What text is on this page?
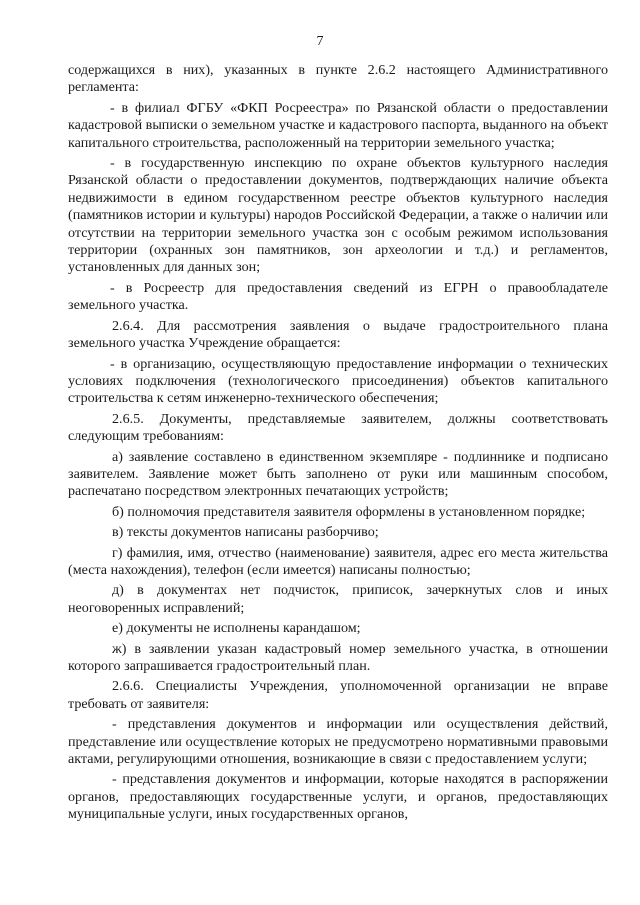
7

содержащихся в них), указанных в пункте 2.6.2 настоящего Административного регламента:

- в филиал ФГБУ «ФКП Росреестра» по Рязанской области о предоставлении кадастровой выписки о земельном участке и кадастрового паспорта, выданного на объект капитального строительства, расположенный на территории земельного участка;

- в государственную инспекцию по охране объектов культурного наследия Рязанской области о предоставлении документов, подтверждающих наличие объекта недвижимости в едином государственном реестре объектов культурного наследия (памятников истории и культуры) народов Российской Федерации, а также о наличии или отсутствии на территории земельного участка зон с особым режимом использования территории (охранных зон памятников, зон археологии и т.д.) и регламентов, установленных для данных зон;

- в Росреестр для предоставления сведений из ЕГРН о правообладателе земельного участка.

2.6.4. Для рассмотрения заявления о выдаче градостроительного плана земельного участка Учреждение обращается:

- в организацию, осуществляющую предоставление информации о технических условиях подключения (технологического присоединения) объектов капитального строительства к сетям инженерно-технического обеспечения;

2.6.5. Документы, представляемые заявителем, должны соответствовать следующим требованиям:

а) заявление составлено в единственном экземпляре - подлиннике и подписано заявителем. Заявление может быть заполнено от руки или машинным способом, распечатано посредством электронных печатающих устройств;

б) полномочия представителя заявителя оформлены в установленном порядке;

в) тексты документов написаны разборчиво;

г) фамилия, имя, отчество (наименование) заявителя, адрес его места жительства (места нахождения), телефон (если имеется) написаны полностью;

д) в документах нет подчисток, приписок, зачеркнутых слов и иных неоговоренных исправлений;

е) документы не исполнены карандашом;

ж) в заявлении указан кадастровый номер земельного участка, в отношении которого запрашивается градостроительный план.

2.6.6. Специалисты Учреждения, уполномоченной организации не вправе требовать от заявителя:

- представления документов и информации или осуществления действий, представление или осуществление которых не предусмотрено нормативными правовыми актами, регулирующими отношения, возникающие в связи с предоставлением услуги;

- представления документов и информации, которые находятся в распоряжении органов, предоставляющих государственные услуги, и органов, предоставляющих муниципальные услуги, иных государственных органов,
